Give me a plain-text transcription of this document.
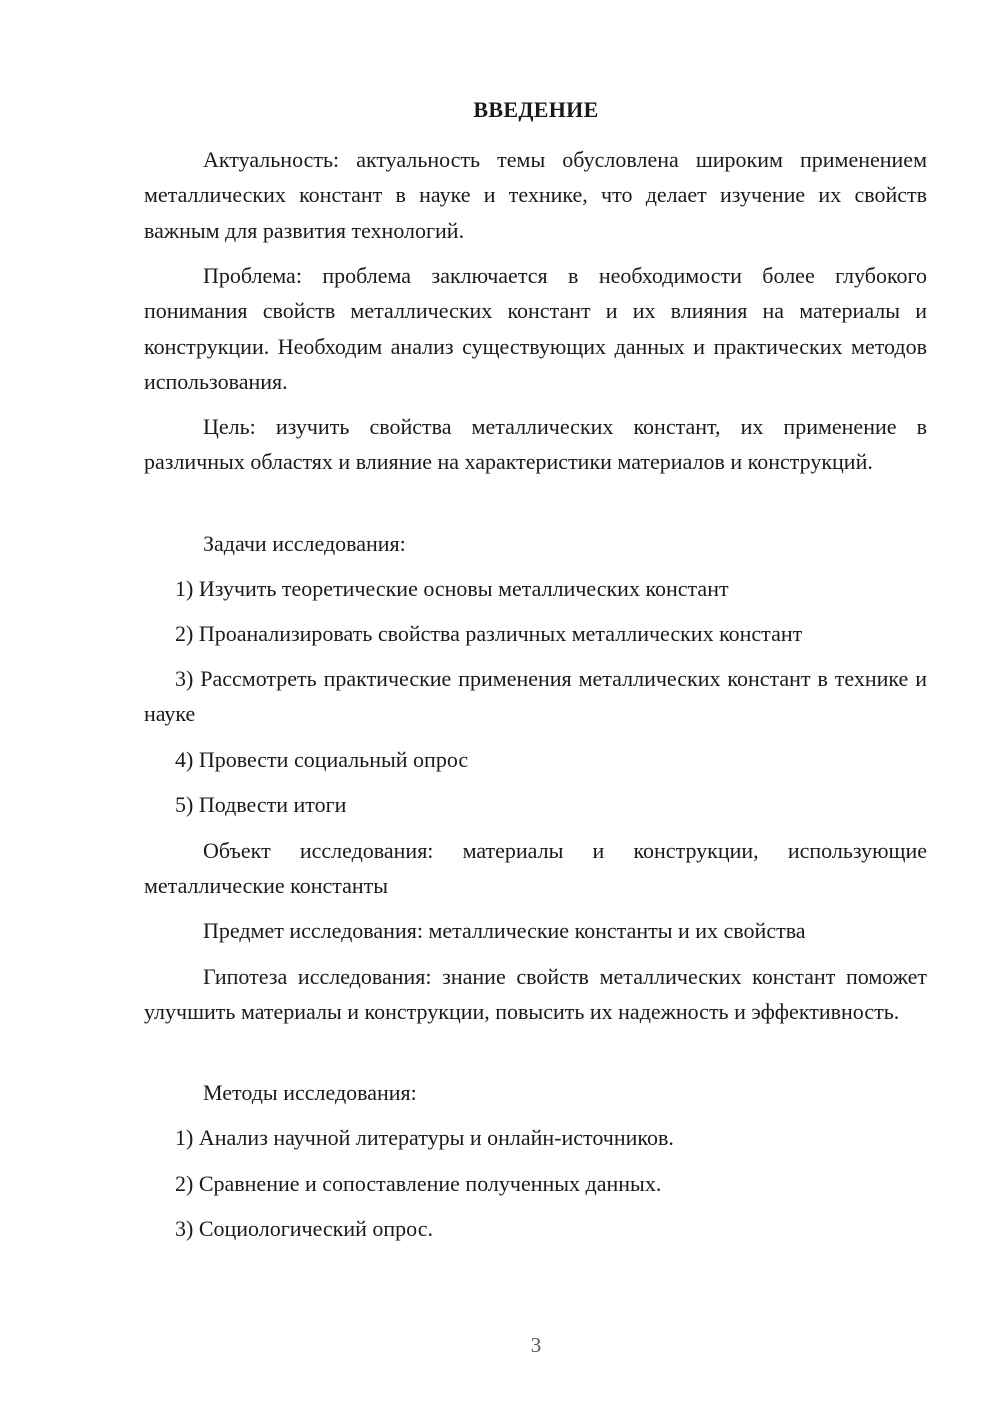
ВВЕДЕНИЕ

Актуальность: актуальность темы обусловлена широким применением металлических констант в науке и технике, что делает изучение их свойств важным для развития технологий.

Проблема: проблема заключается в необходимости более глубокого понимания свойств металлических констант и их влияния на материалы и конструкции. Необходим анализ существующих данных и практических методов использования.

Цель: изучить свойства металлических констант, их применение в различных областях и влияние на характеристики материалов и конструкций.

Задачи исследования:

1) Изучить теоретические основы металлических констант

2) Проанализировать свойства различных металлических констант

3) Рассмотреть практические применения металлических констант в технике и науке

4) Провести социальный опрос

5) Подвести итоги

Объект исследования: материалы и конструкции, использующие металлические константы

Предмет исследования: металлические константы и их свойства

Гипотеза исследования: знание свойств металлических констант поможет улучшить материалы и конструкции, повысить их надежность и эффективность.

Методы исследования:

1) Анализ научной литературы и онлайн-источников.

2) Сравнение и сопоставление полученных данных.

3) Социологический опрос.

3
